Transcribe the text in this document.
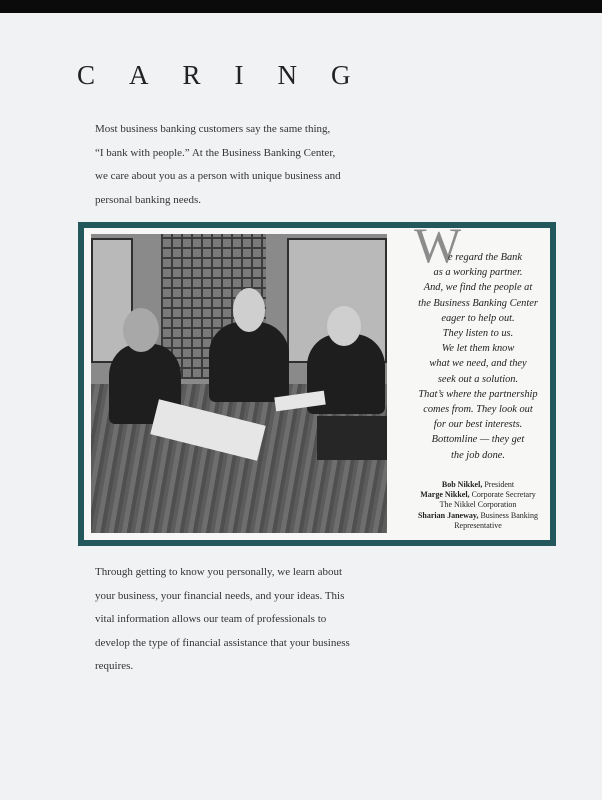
CARING
Most business banking customers say the same thing,
“I bank with people.” At the Business Banking Center,
we care about you as a person with unique business and
personal banking needs.
W
e regard the Bank
as a working partner.
And, we find the people at
the Business Banking Center
eager to help out.
They listen to us.
We let them know
what we need, and they
seek out a solution.
That’s where the partnership
comes from. They look out
for our best interests.
Bottomline — they get
the job done.
Bob Nikkel, President
Marge Nikkel, Corporate Secretary
The Nikkel Corporation
Sharian Janeway, Business Banking
Representative
Through getting to know you personally, we learn about
your business, your financial needs, and your ideas. This
vital information allows our team of professionals to
develop the type of financial assistance that your business
requires.
